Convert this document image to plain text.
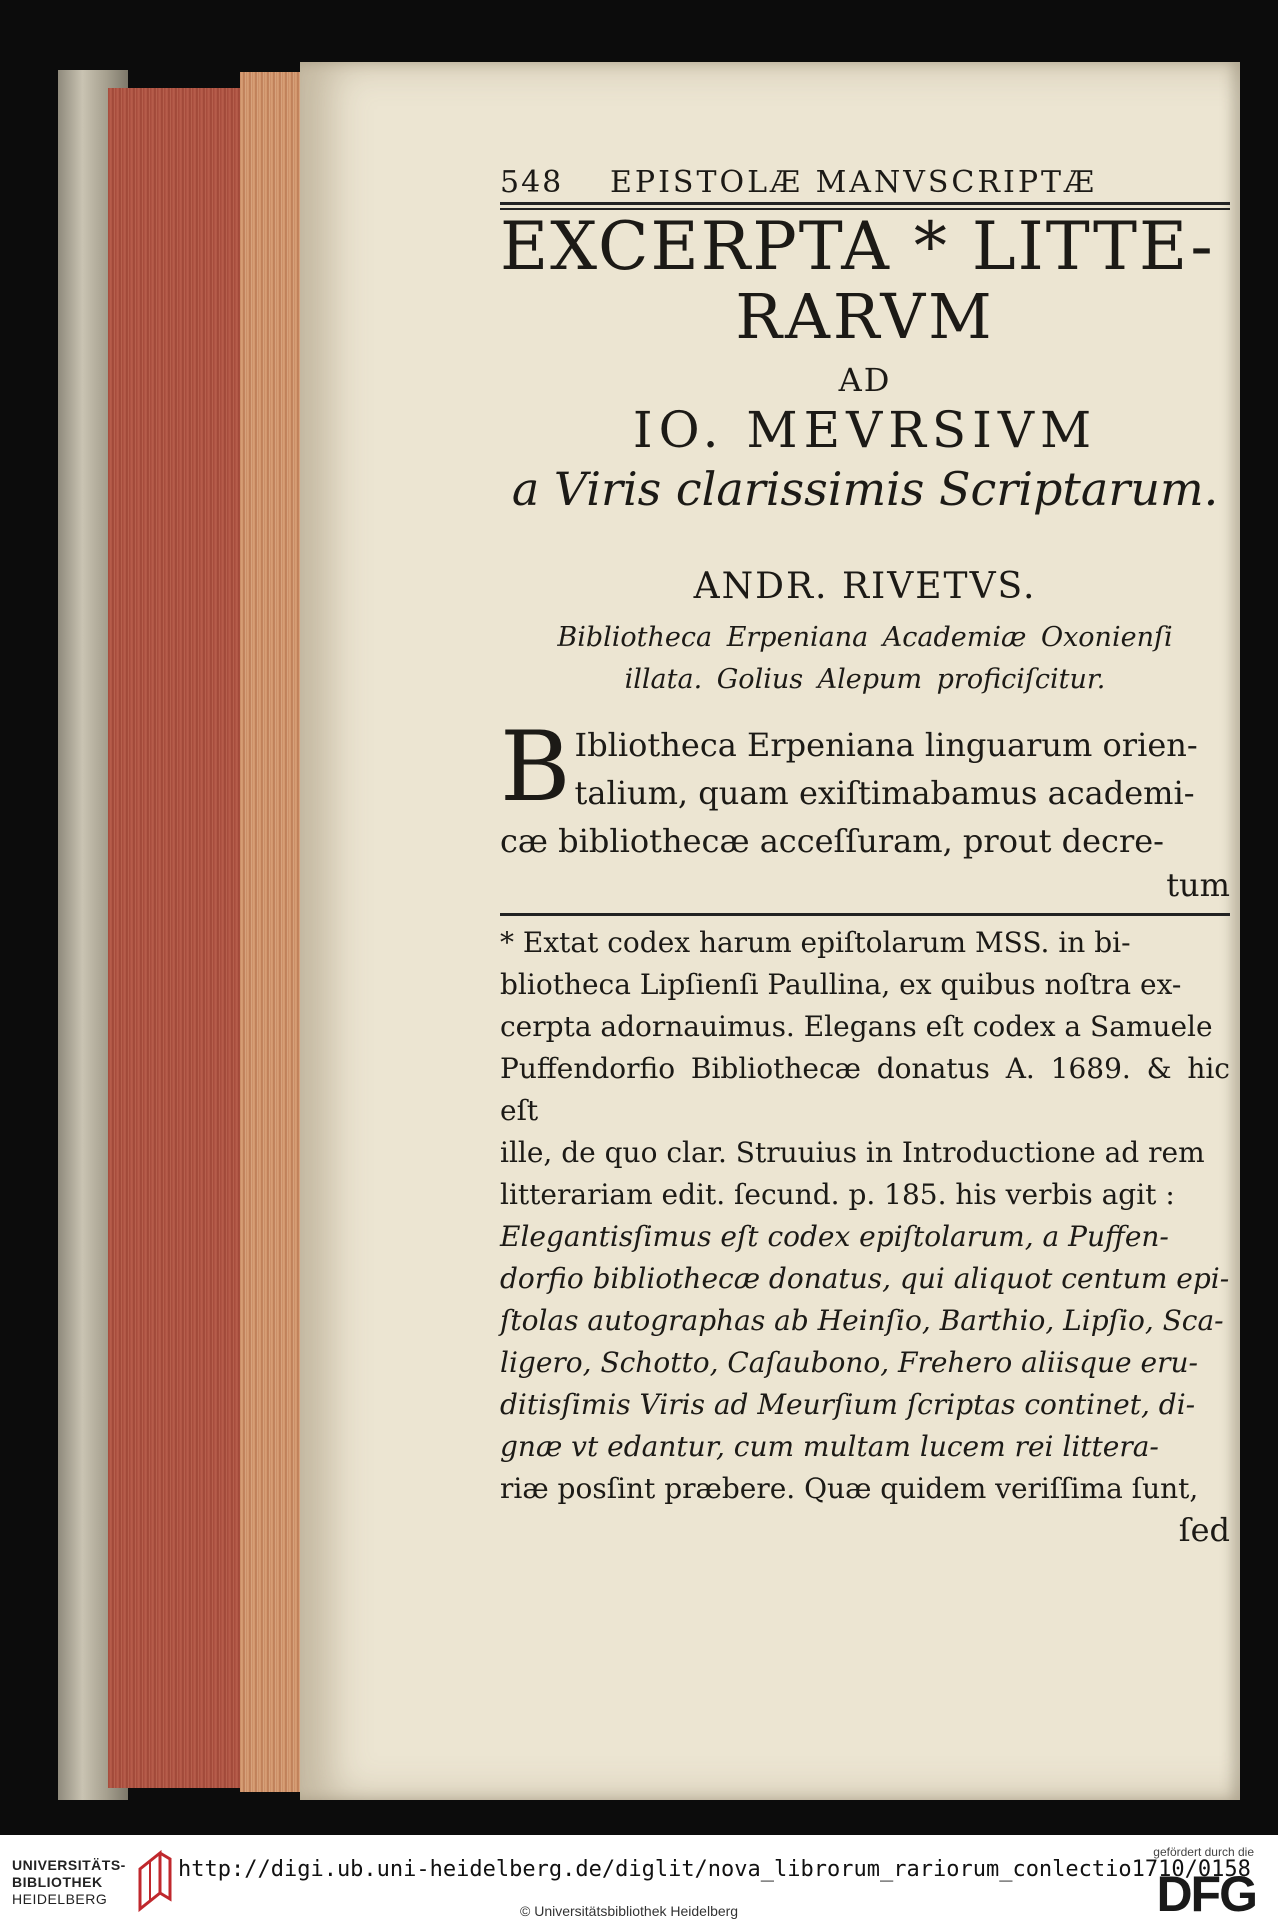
548	EPISTOLÆ MANVSCRIPTÆ
EXCERPTA * LITTE-
RARVM
AD
IO. MEVRSIVM
a Viris clarissimis Scriptarum.
ANDR. RIVETVS.
Bibliotheca Erpeniana Academiæ Oxonienſi
illata. Golius Alepum proficiſcitur.
B Ibliotheca Erpeniana linguarum orien-
talium, quam exiſtimabamus academi-
cæ bibliothecæ acceſſuram, prout decre-
tum
* Extat codex harum epiſtolarum MSS. in bi-
bliotheca Lipſienſi Paullina, ex quibus noſtra ex-
cerpta adornauimus. Elegans eſt codex a Samuele
Puffendorfio Bibliothecæ donatus A. 1689. & hic eſt
ille, de quo clar. Struuius in Introductione ad rem
litterariam edit. ſecund. p. 185. his verbis agit :
Elegantisſimus eſt codex epiſtolarum, a Puffen-
dorfio bibliothecæ donatus, qui aliquot centum epi-
ſtolas autographas ab Heinſio, Barthio, Lipſio, Sca-
ligero, Schotto, Caſaubono, Frehero aliisque eru-
ditisſimis Viris ad Meurſium ſcriptas continet, di-
gnæ vt edantur, cum multam lucem rei littera-
riæ posſint præbere. Quæ quidem veriſſima ſunt,
ſed
UNIVERSITÄTS-
BIBLIOTHEK
HEIDELBERG
http://digi.ub.uni-heidelberg.de/diglit/nova_librorum_rariorum_conlectio1710/0158
© Universitätsbibliothek Heidelberg
gefördert durch die
DFG
